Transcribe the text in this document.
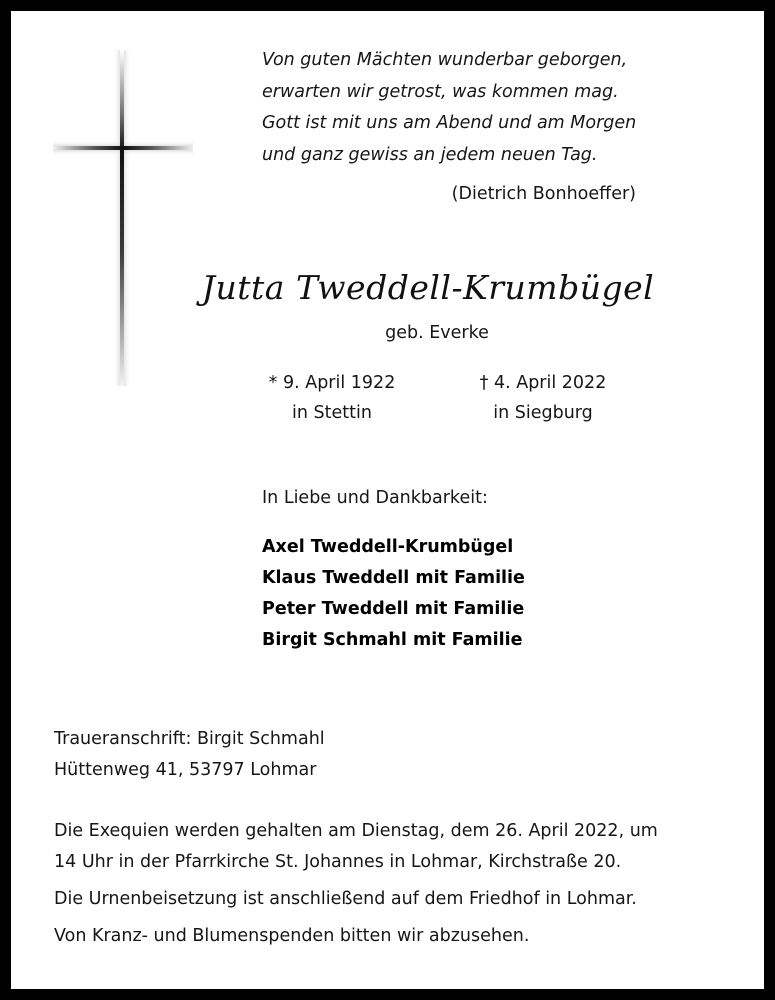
Von guten Mächten wunderbar geborgen,
erwarten wir getrost, was kommen mag.
Gott ist mit uns am Abend und am Morgen
und ganz gewiss an jedem neuen Tag.
(Dietrich Bonhoeffer)
Jutta Tweddell-Krumbügel
geb. Everke
* 9. April 1922
in Stettin
† 4. April 2022
in Siegburg
In Liebe und Dankbarkeit:
Axel Tweddell-Krumbügel
Klaus Tweddell mit Familie
Peter Tweddell mit Familie
Birgit Schmahl mit Familie
Traueranschrift: Birgit Schmahl
Hüttenweg 41, 53797 Lohmar
Die Exequien werden gehalten am Dienstag, dem 26. April 2022, um
14 Uhr in der Pfarrkirche St. Johannes in Lohmar, Kirchstraße 20.
Die Urnenbeisetzung ist anschließend auf dem Friedhof in Lohmar.
Von Kranz- und Blumenspenden bitten wir abzusehen.
